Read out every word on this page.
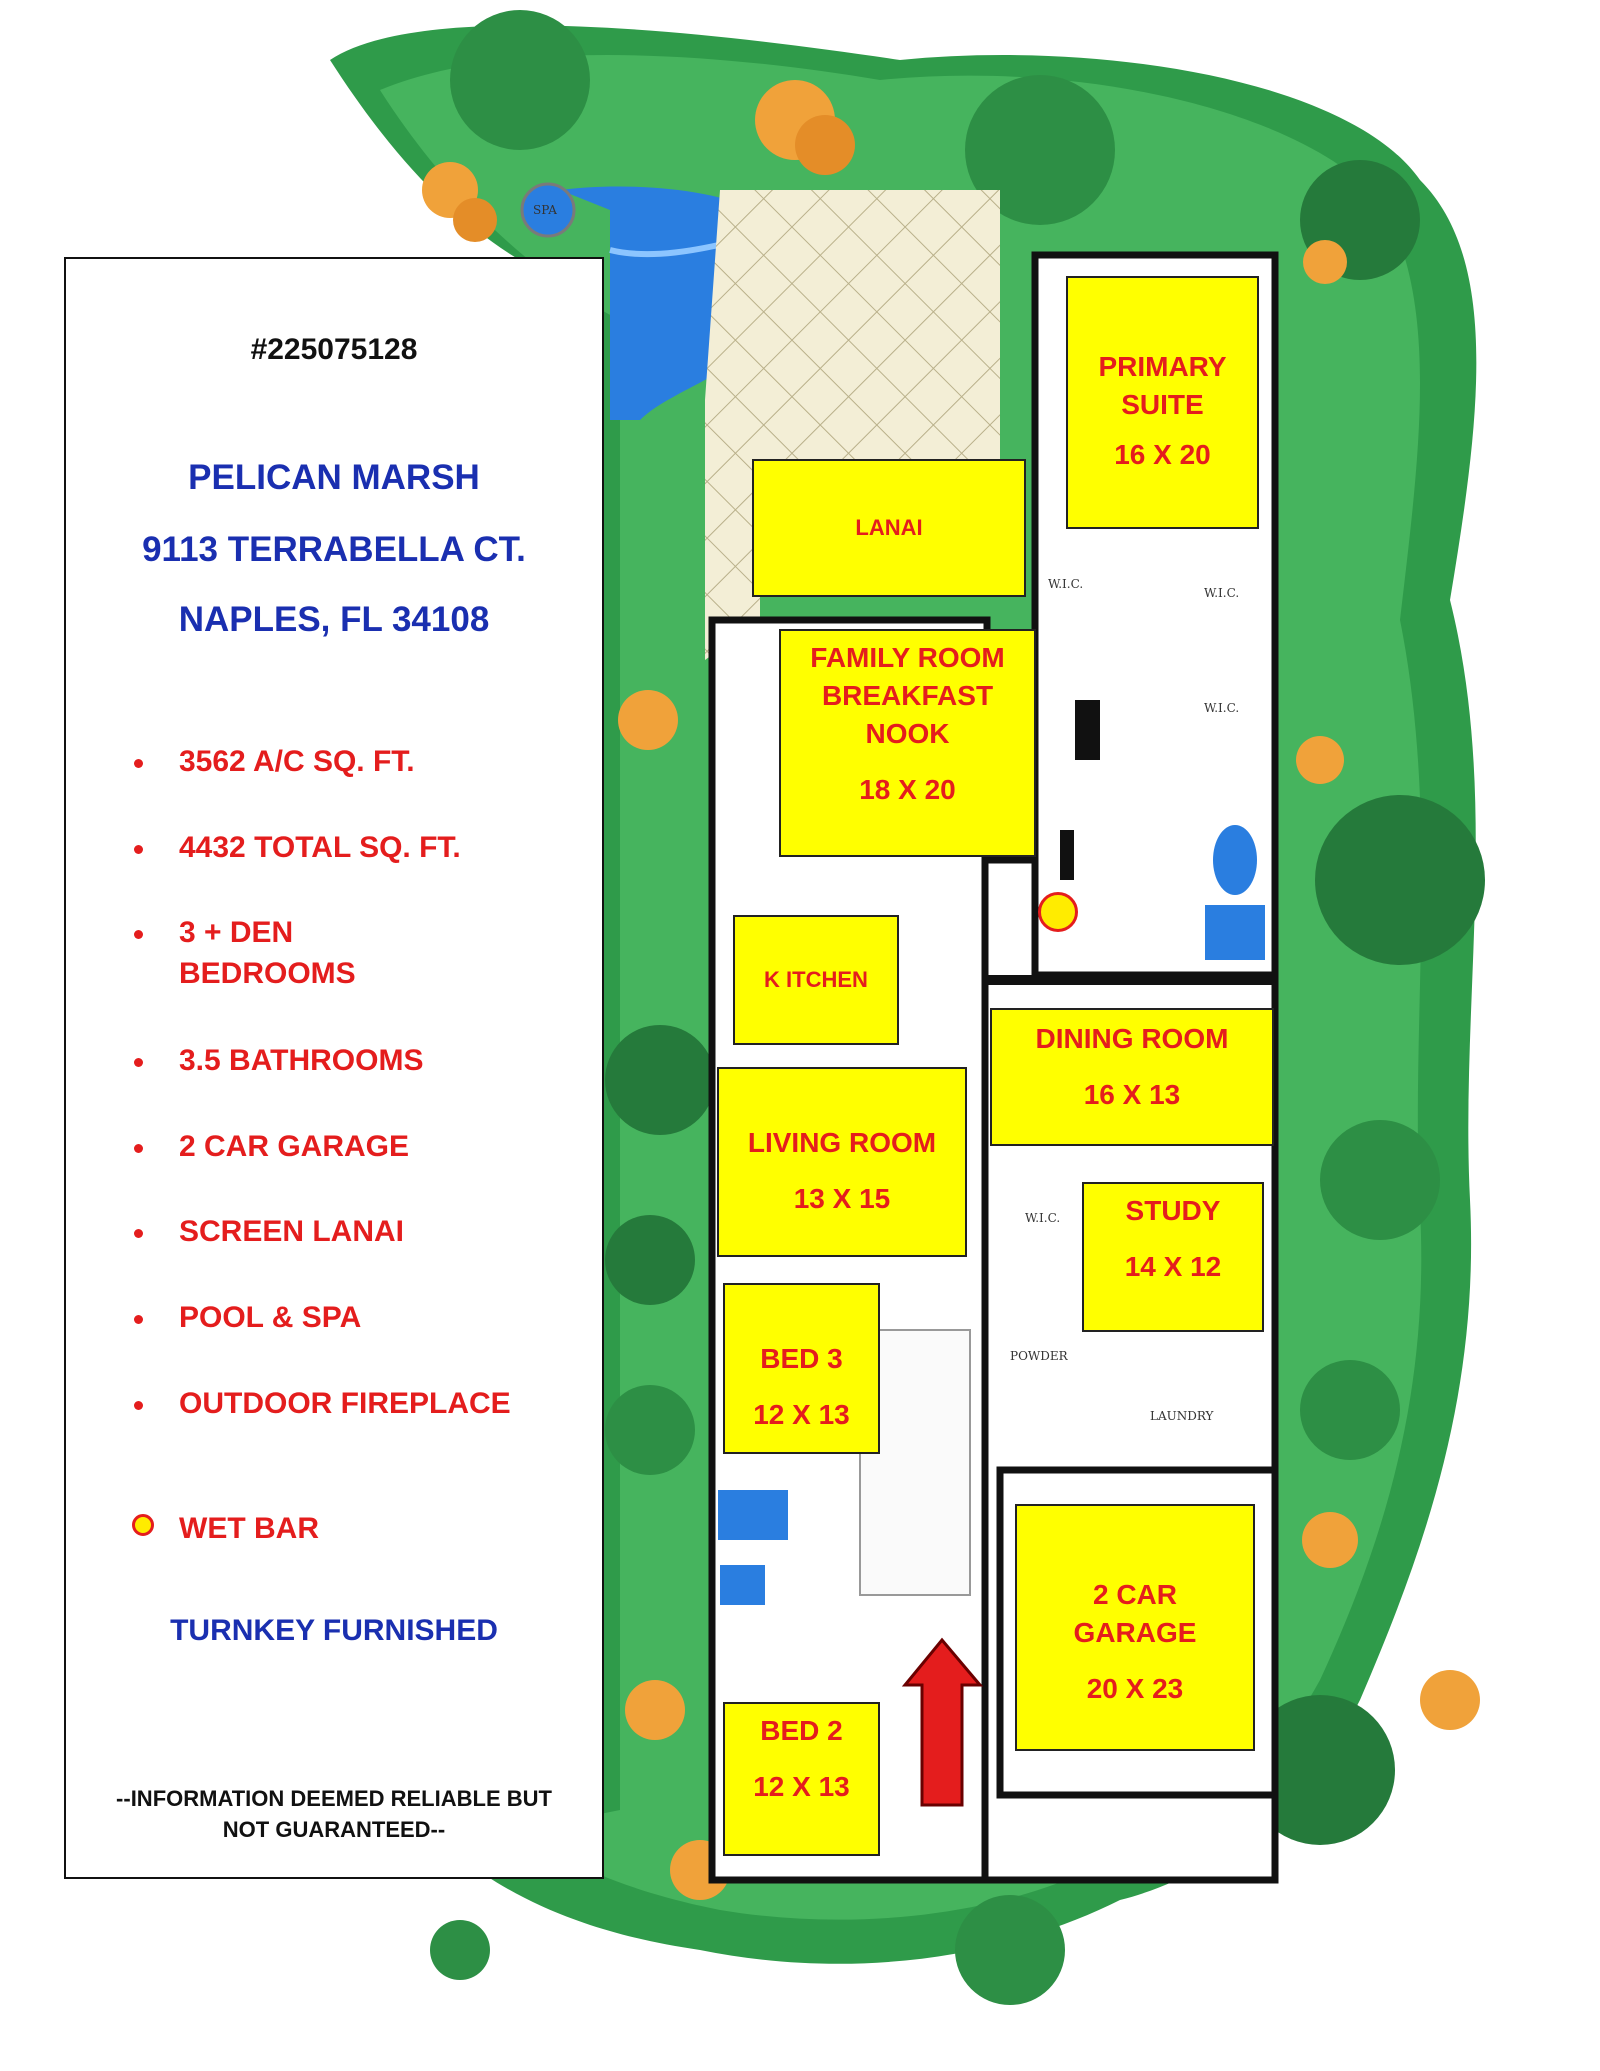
SPA
W.I.C.
W.I.C.
W.I.C.
W.I.C.
POWDER
LAUNDRY
#225075128
PELICAN MARSH
9113 TERRABELLA CT.
NAPLES, FL 34108
3562 A/C SQ. FT.
4432 TOTAL SQ. FT.
3 + DEN
BEDROOMS
3.5 BATHROOMS
2 CAR GARAGE
SCREEN LANAI
POOL & SPA
OUTDOOR FIREPLACE
WET BAR
TURNKEY FURNISHED
--INFORMATION DEEMED RELIABLE BUT
NOT GUARANTEED--
PRIMARY
SUITE
16 X 20
LANAI
FAMILY ROOM
BREAKFAST
NOOK
18 X 20
K ITCHEN
DINING ROOM
16 X 13
LIVING ROOM
13 X 15	STUDY
14 X 12
BED 3
12 X 13
2 CAR
GARAGE
20 X 23
BED 2
12 X 13
